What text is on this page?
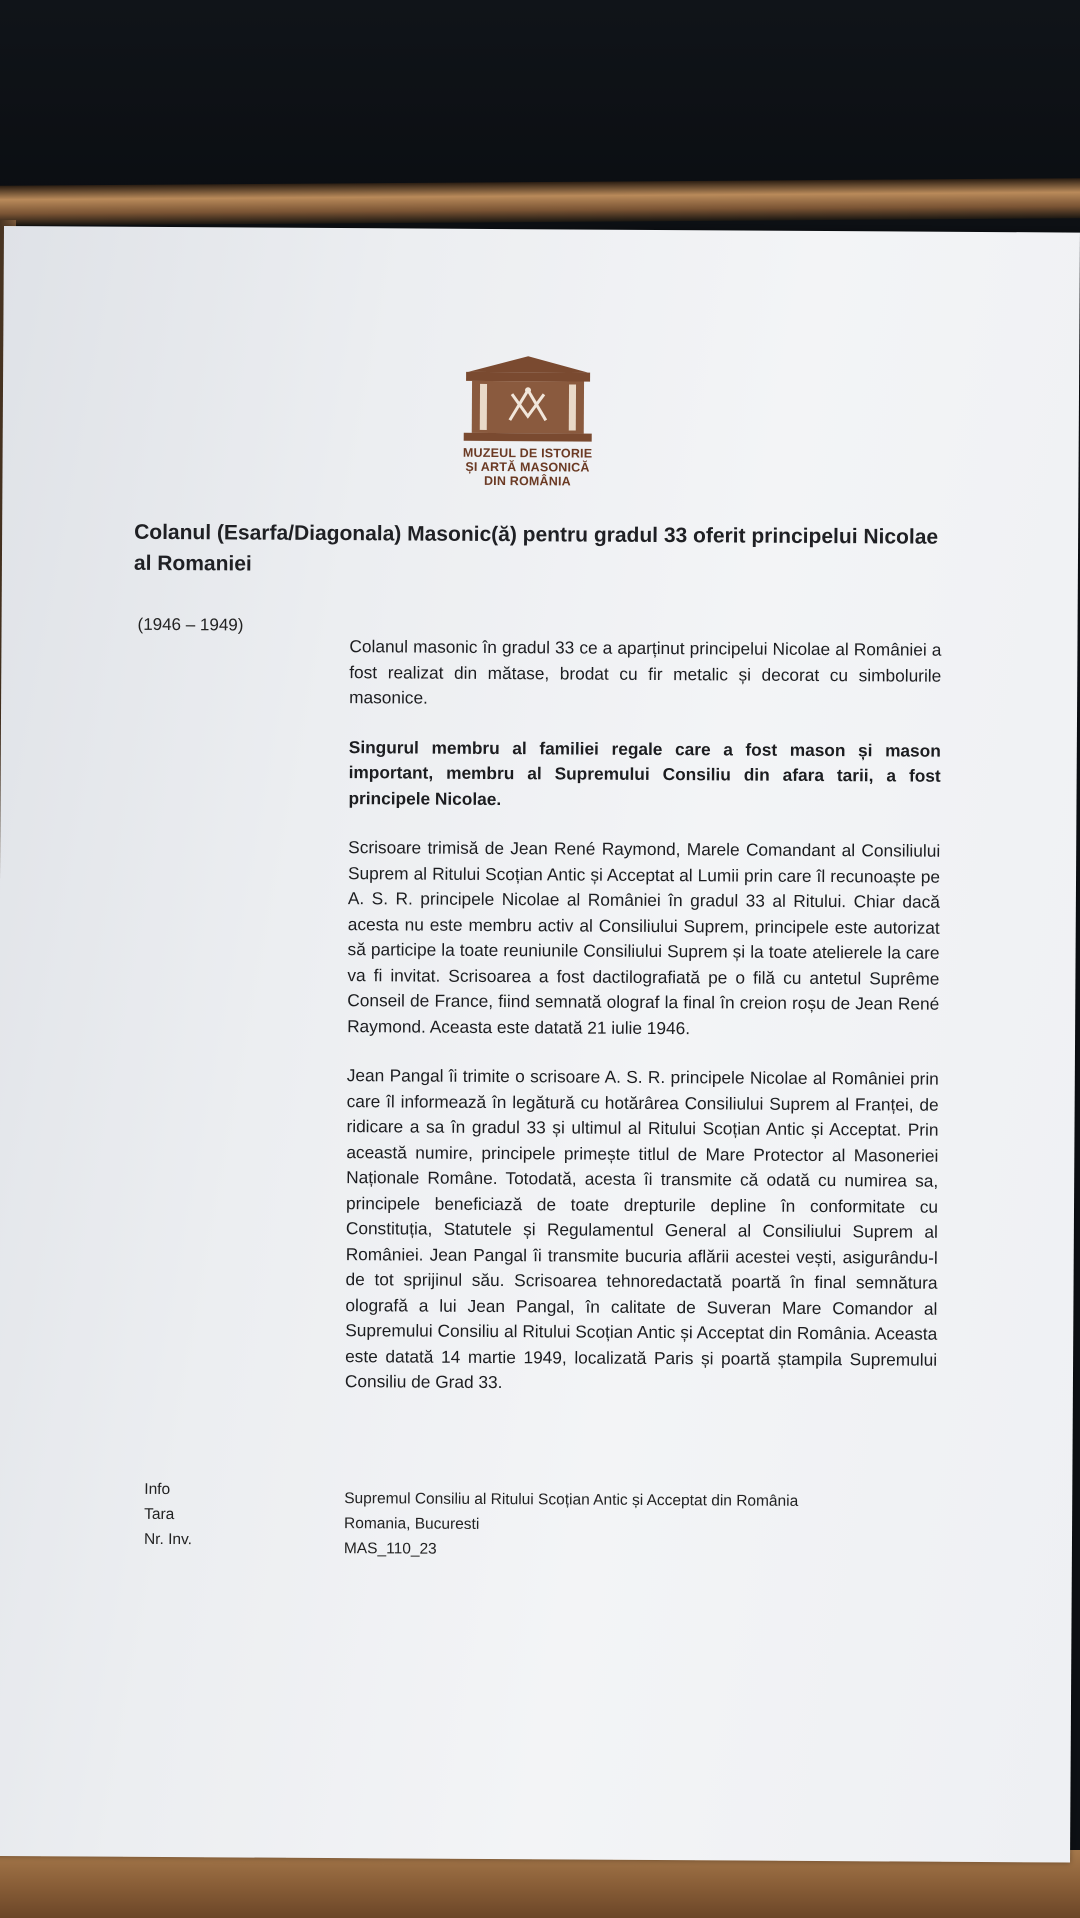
MUZEUL DE ISTORIE
ȘI ARTĂ MASONICĂ
DIN ROMÂNIA
Colanul (Esarfa/Diagonala) Masonic(ă) pentru gradul 33 oferit principelui Nicolae al Romaniei
(1946 – 1949)

Colanul masonic în gradul 33 ce a aparținut principelui Nicolae al României a fost realizat din mătase, brodat cu fir metalic și decorat cu simbolurile masonice.

Singurul membru al familiei regale care a fost mason și mason important, membru al Supremului Consiliu din afara tarii, a fost principele Nicolae.

Scrisoare trimisă de Jean René Raymond, Marele Comandant al Consiliului Suprem al Ritului Scoțian Antic și Acceptat al Lumii prin care îl recunoaște pe A. S. R. principele Nicolae al României în gradul 33 al Ritului. Chiar dacă acesta nu este membru activ al Consiliului Suprem, principele este autorizat să participe la toate reuniunile Consiliului Suprem și la toate atelierele la care va fi invitat. Scrisoarea a fost dactilografiată pe o filă cu antetul Suprême Conseil de France, fiind semnată olograf la final în creion roșu de Jean René Raymond. Aceasta este datată 21 iulie 1946.

Jean Pangal îi trimite o scrisoare A. S. R. principele Nicolae al României prin care îl informează în legătură cu hotărârea Consiliului Suprem al Franței, de ridicare a sa în gradul 33 și ultimul al Ritului Scoțian Antic și Acceptat. Prin această numire, principele primește titlul de Mare Protector al Masoneriei Naționale Române. Totodată, acesta îi transmite că odată cu numirea sa, principele beneficiază de toate drepturile depline în conformitate cu Constituția, Statutele și Regulamentul General al Consiliului Suprem al României. Jean Pangal îi transmite bucuria aflării acestei vești, asigurându-l de tot sprijinul său. Scrisoarea tehnoredactată poartă în final semnătura olografă a lui Jean Pangal, în calitate de Suveran Mare Comandor al Supremului Consiliu al Ritului Scoțian Antic și Acceptat din România. Aceasta este datată 14 martie 1949, localizată Paris și poartă ștampila Supremului Consiliu de Grad 33.

Info
Tara
Nr. Inv.
Supremul Consiliu al Ritului Scoțian Antic și Acceptat din România
Romania, Bucuresti
MAS_110_23
